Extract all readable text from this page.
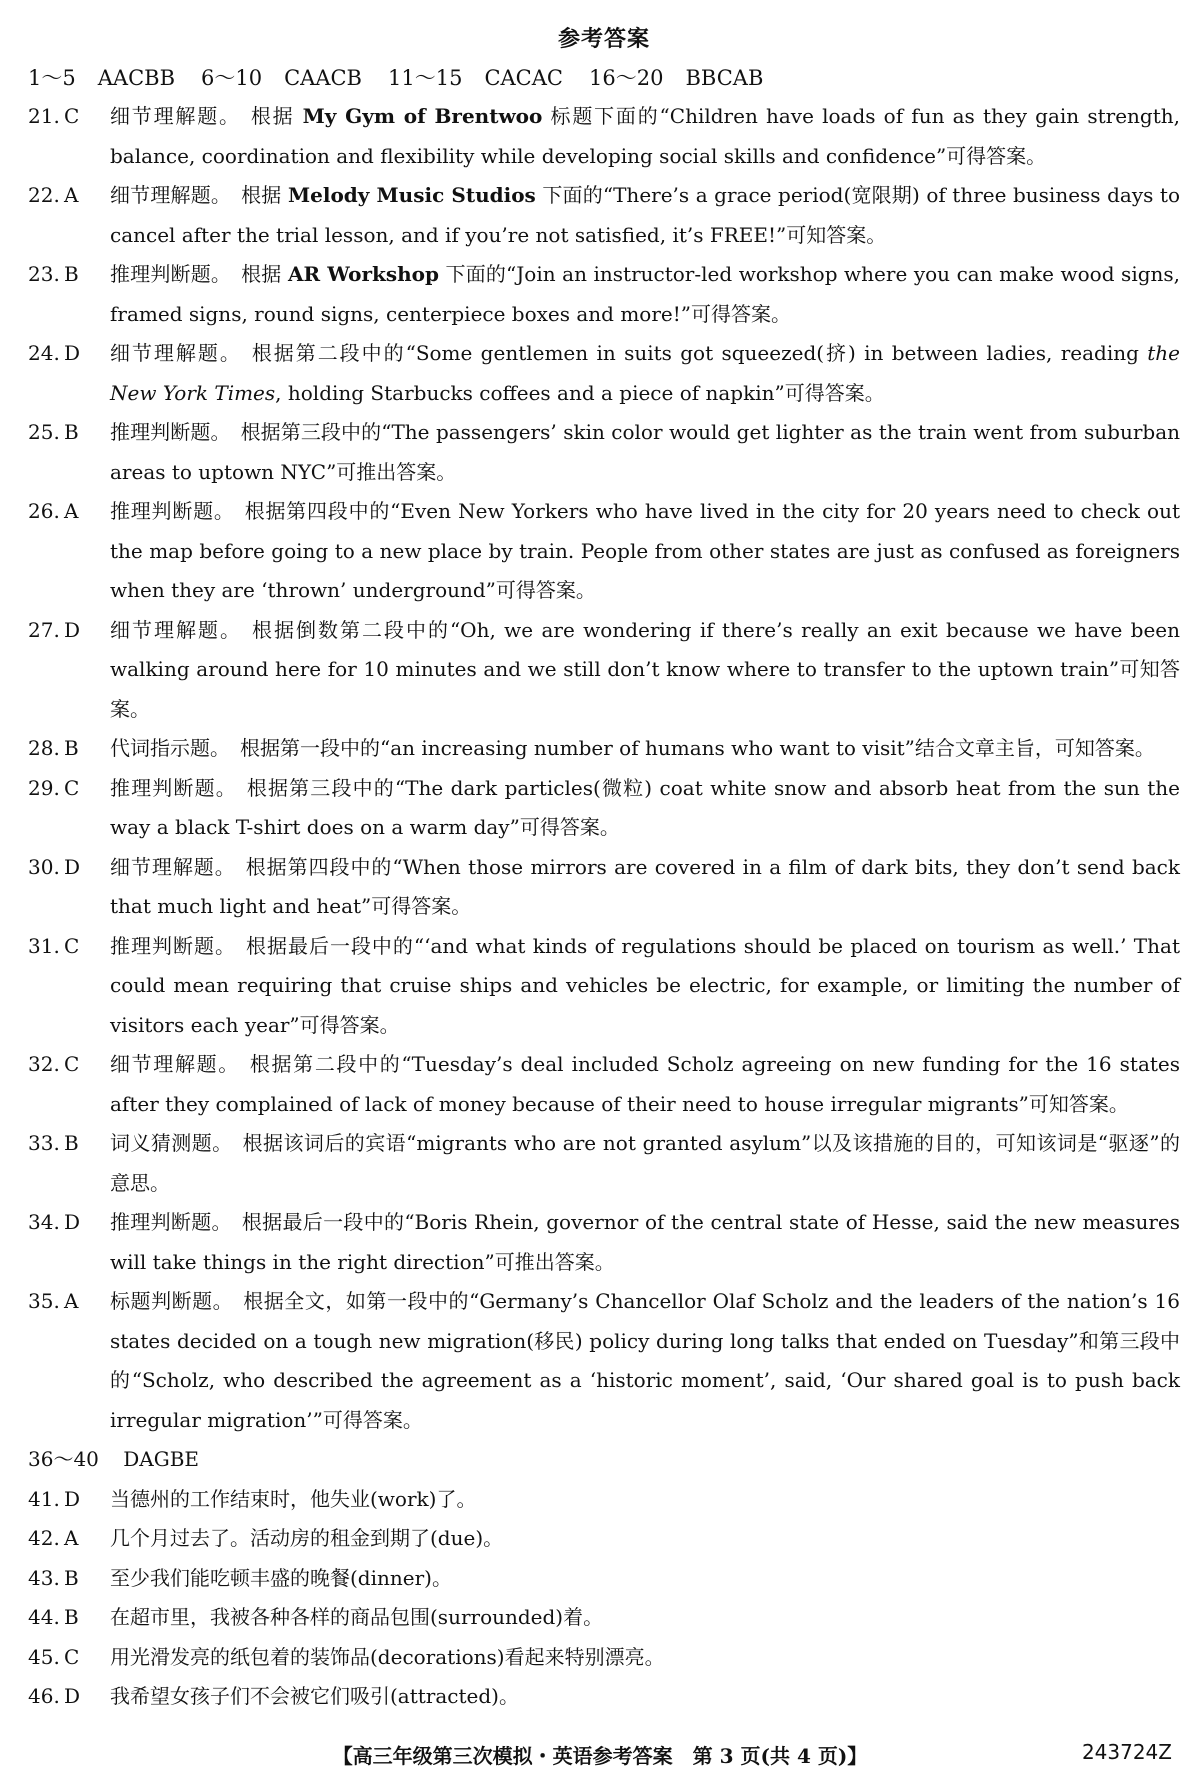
参考答案
1～5 AACBB 6～10 CAACB 11～15 CACAC 16～20 BBCAB
21. C	细节理解题。 根据 My Gym of Brentwoo 标题下面的“Children have loads of fun as they gain strength, balance, coordination and flexibility while developing social skills and confidence”可得答案。
22. A	细节理解题。 根据 Melody Music Studios 下面的“There’s a grace period(宽限期) of three business days to cancel after the trial lesson, and if you’re not satisfied, it’s FREE!”可知答案。
23. B	推理判断题。 根据 AR Workshop 下面的“Join an instructor-led workshop where you can make wood signs, framed signs, round signs, centerpiece boxes and more!”可得答案。
24. D	细节理解题。 根据第二段中的“Some gentlemen in suits got squeezed(挤) in between ladies, reading the New York Times, holding Starbucks coffees and a piece of napkin”可得答案。
25. B	推理判断题。 根据第三段中的“The passengers’ skin color would get lighter as the train went from suburban areas to uptown NYC”可推出答案。
26. A	推理判断题。 根据第四段中的“Even New Yorkers who have lived in the city for 20 years need to check out the map before going to a new place by train. People from other states are just as confused as foreigners when they are ‘thrown’ underground”可得答案。
27. D	细节理解题。 根据倒数第二段中的“Oh, we are wondering if there’s really an exit because we have been walking around here for 10 minutes and we still don’t know where to transfer to the uptown train”可知答案。
28. B	代词指示题。 根据第一段中的“an increasing number of humans who want to visit”结合文章主旨，可知答案。
29. C	推理判断题。 根据第三段中的“The dark particles(微粒) coat white snow and absorb heat from the sun the way a black T-shirt does on a warm day”可得答案。
30. D	细节理解题。 根据第四段中的“When those mirrors are covered in a film of dark bits, they don’t send back that much light and heat”可得答案。
31. C	推理判断题。 根据最后一段中的“‘and what kinds of regulations should be placed on tourism as well.’ That could mean requiring that cruise ships and vehicles be electric, for example, or limiting the number of visitors each year”可得答案。
32. C	细节理解题。 根据第二段中的“Tuesday’s deal included Scholz agreeing on new funding for the 16 states after they complained of lack of money because of their need to house irregular migrants”可知答案。
33. B	词义猜测题。 根据该词后的宾语“migrants who are not granted asylum”以及该措施的目的，可知该词是“驱逐”的意思。
34. D	推理判断题。 根据最后一段中的“Boris Rhein, governor of the central state of Hesse, said the new measures will take things in the right direction”可推出答案。
35. A	标题判断题。 根据全文，如第一段中的“Germany’s Chancellor Olaf Scholz and the leaders of the nation’s 16 states decided on a tough new migration(移民) policy during long talks that ended on Tuesday”和第三段中的“Scholz, who described the agreement as a ‘historic moment’, said, ‘Our shared goal is to push back irregular migration’”可得答案。
36～40 DAGBE
41. D	当德州的工作结束时，他失业(work)了。
42. A	几个月过去了。活动房的租金到期了(due)。
43. B	至少我们能吃顿丰盛的晚餐(dinner)。
44. B	在超市里，我被各种各样的商品包围(surrounded)着。
45. C	用光滑发亮的纸包着的装饰品(decorations)看起来特别漂亮。
46. D	我希望女孩子们不会被它们吸引(attracted)。
【高三年级第三次模拟・英语参考答案　第 3 页(共 4 页)】	243724Z
